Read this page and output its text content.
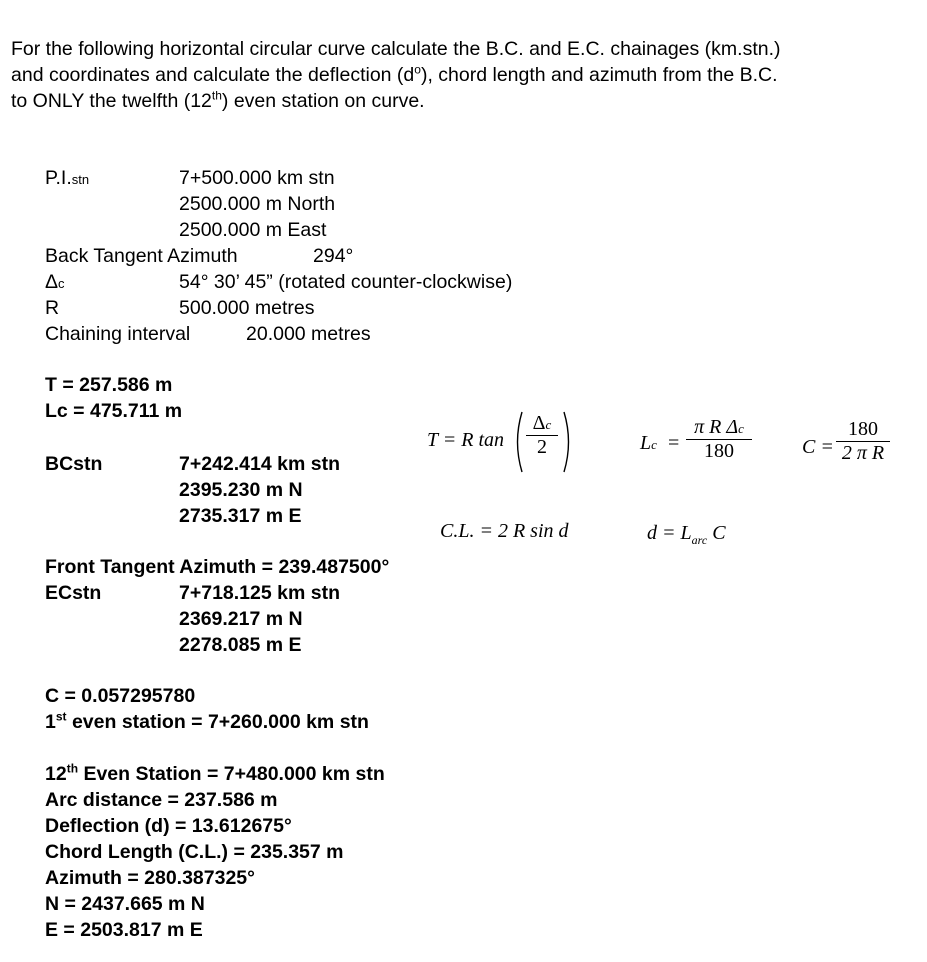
For the following horizontal circular curve calculate the B.C. and E.C. chainages (km.stn.) and coordinates and calculate the deflection $(d^o)$, chord length and azimuth from the B.C. to ONLY the twelfth (12th) even station on curve.
P.I.stn	7+500.000 km stn
2500.000 m North
2500.000 m East
Back Tangent Azimuth	294°
Δc	54° 30’ 45” (rotated counter-clockwise)
R	500.000 metres
Chaining interval	20.000 metres
T = 257.586 m
Lc = 475.711 m
BCstn	7+242.414 km stn
2395.230 m N
2735.317 m E
Front Tangent Azimuth = 239.487500°
ECstn	7+718.125 km stn
2369.217 m N
2278.085 m E
C = 0.057295780
1st even station = 7+260.000 km stn
12th Even Station = 7+480.000 km stn
Arc distance = 237.586 m
Deflection (d) = 13.612675°
Chord Length (C.L.) = 235.357 m
Azimuth = 280.387325°
N = 2437.665 m N
E = 2503.817 m E
T = R $\tan \frac{\Delta c}{2}$	$Lc = \frac{\text{π R Δc}}{180}$	$C = \frac{180}{\text{2 π R}}$
C.L. = 2 R sin d	$d = L_{arc}$ C
